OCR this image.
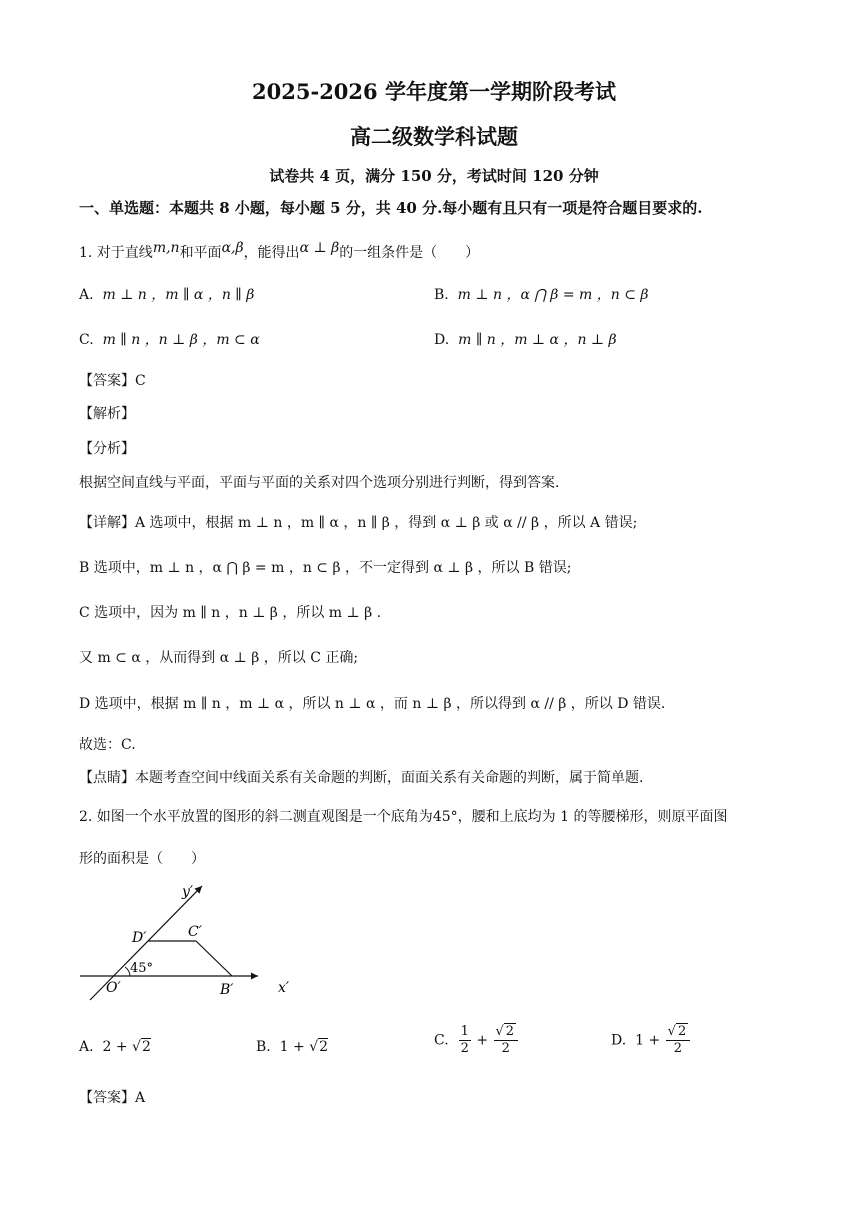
2025-2026 学年度第一学期阶段考试
高二级数学科试题
试卷共 4 页，满分 150 分，考试时间 120 分钟
一、单选题：本题共 8 小题，每小题 5 分，共 40 分.每小题有且只有一项是符合题目要求的.
1. 对于直线m,n和平面α,β，能得出α ⊥ β的一组条件是（　　）
A. m ⊥ n ，m ∥ α ，n ∥ β	B. m ⊥ n ，α ⋂ β = m ，n ⊂ β
C. m ∥ n ，n ⊥ β ，m ⊂ α	D. m ∥ n ，m ⊥ α ，n ⊥ β
【答案】C
【解析】
【分析】
根据空间直线与平面，平面与平面的关系对四个选项分别进行判断，得到答案.
【详解】A 选项中，根据 m ⊥ n ，m ∥ α ，n ∥ β ，得到 α ⊥ β 或 α // β ，所以 A 错误;
B 选项中，m ⊥ n ，α ⋂ β = m ，n ⊂ β ，不一定得到 α ⊥ β ，所以 B 错误;
C 选项中，因为 m ∥ n ，n ⊥ β ，所以 m ⊥ β .
又 m ⊂ α ，从而得到 α ⊥ β ，所以 C 正确;
D 选项中，根据 m ∥ n ，m ⊥ α ，所以 n ⊥ α ，而 n ⊥ β ，所以得到 α // β ，所以 D 错误.
故选：C.
【点睛】本题考查空间中线面关系有关命题的判断，面面关系有关命题的判断，属于简单题.
2. 如图一个水平放置的图形的斜二测直观图是一个底角为45°，腰和上底均为 1 的等腰梯形，则原平面图
形的面积是（　　）
y′
x′
O′	B′
C′
D′
45°
A. 2 + √2	B. 1 + √2	C. $\frac{1}{2} + \frac{√ 2}{2}$	D. $1 + \frac{√ 2}{2}$
【答案】A
